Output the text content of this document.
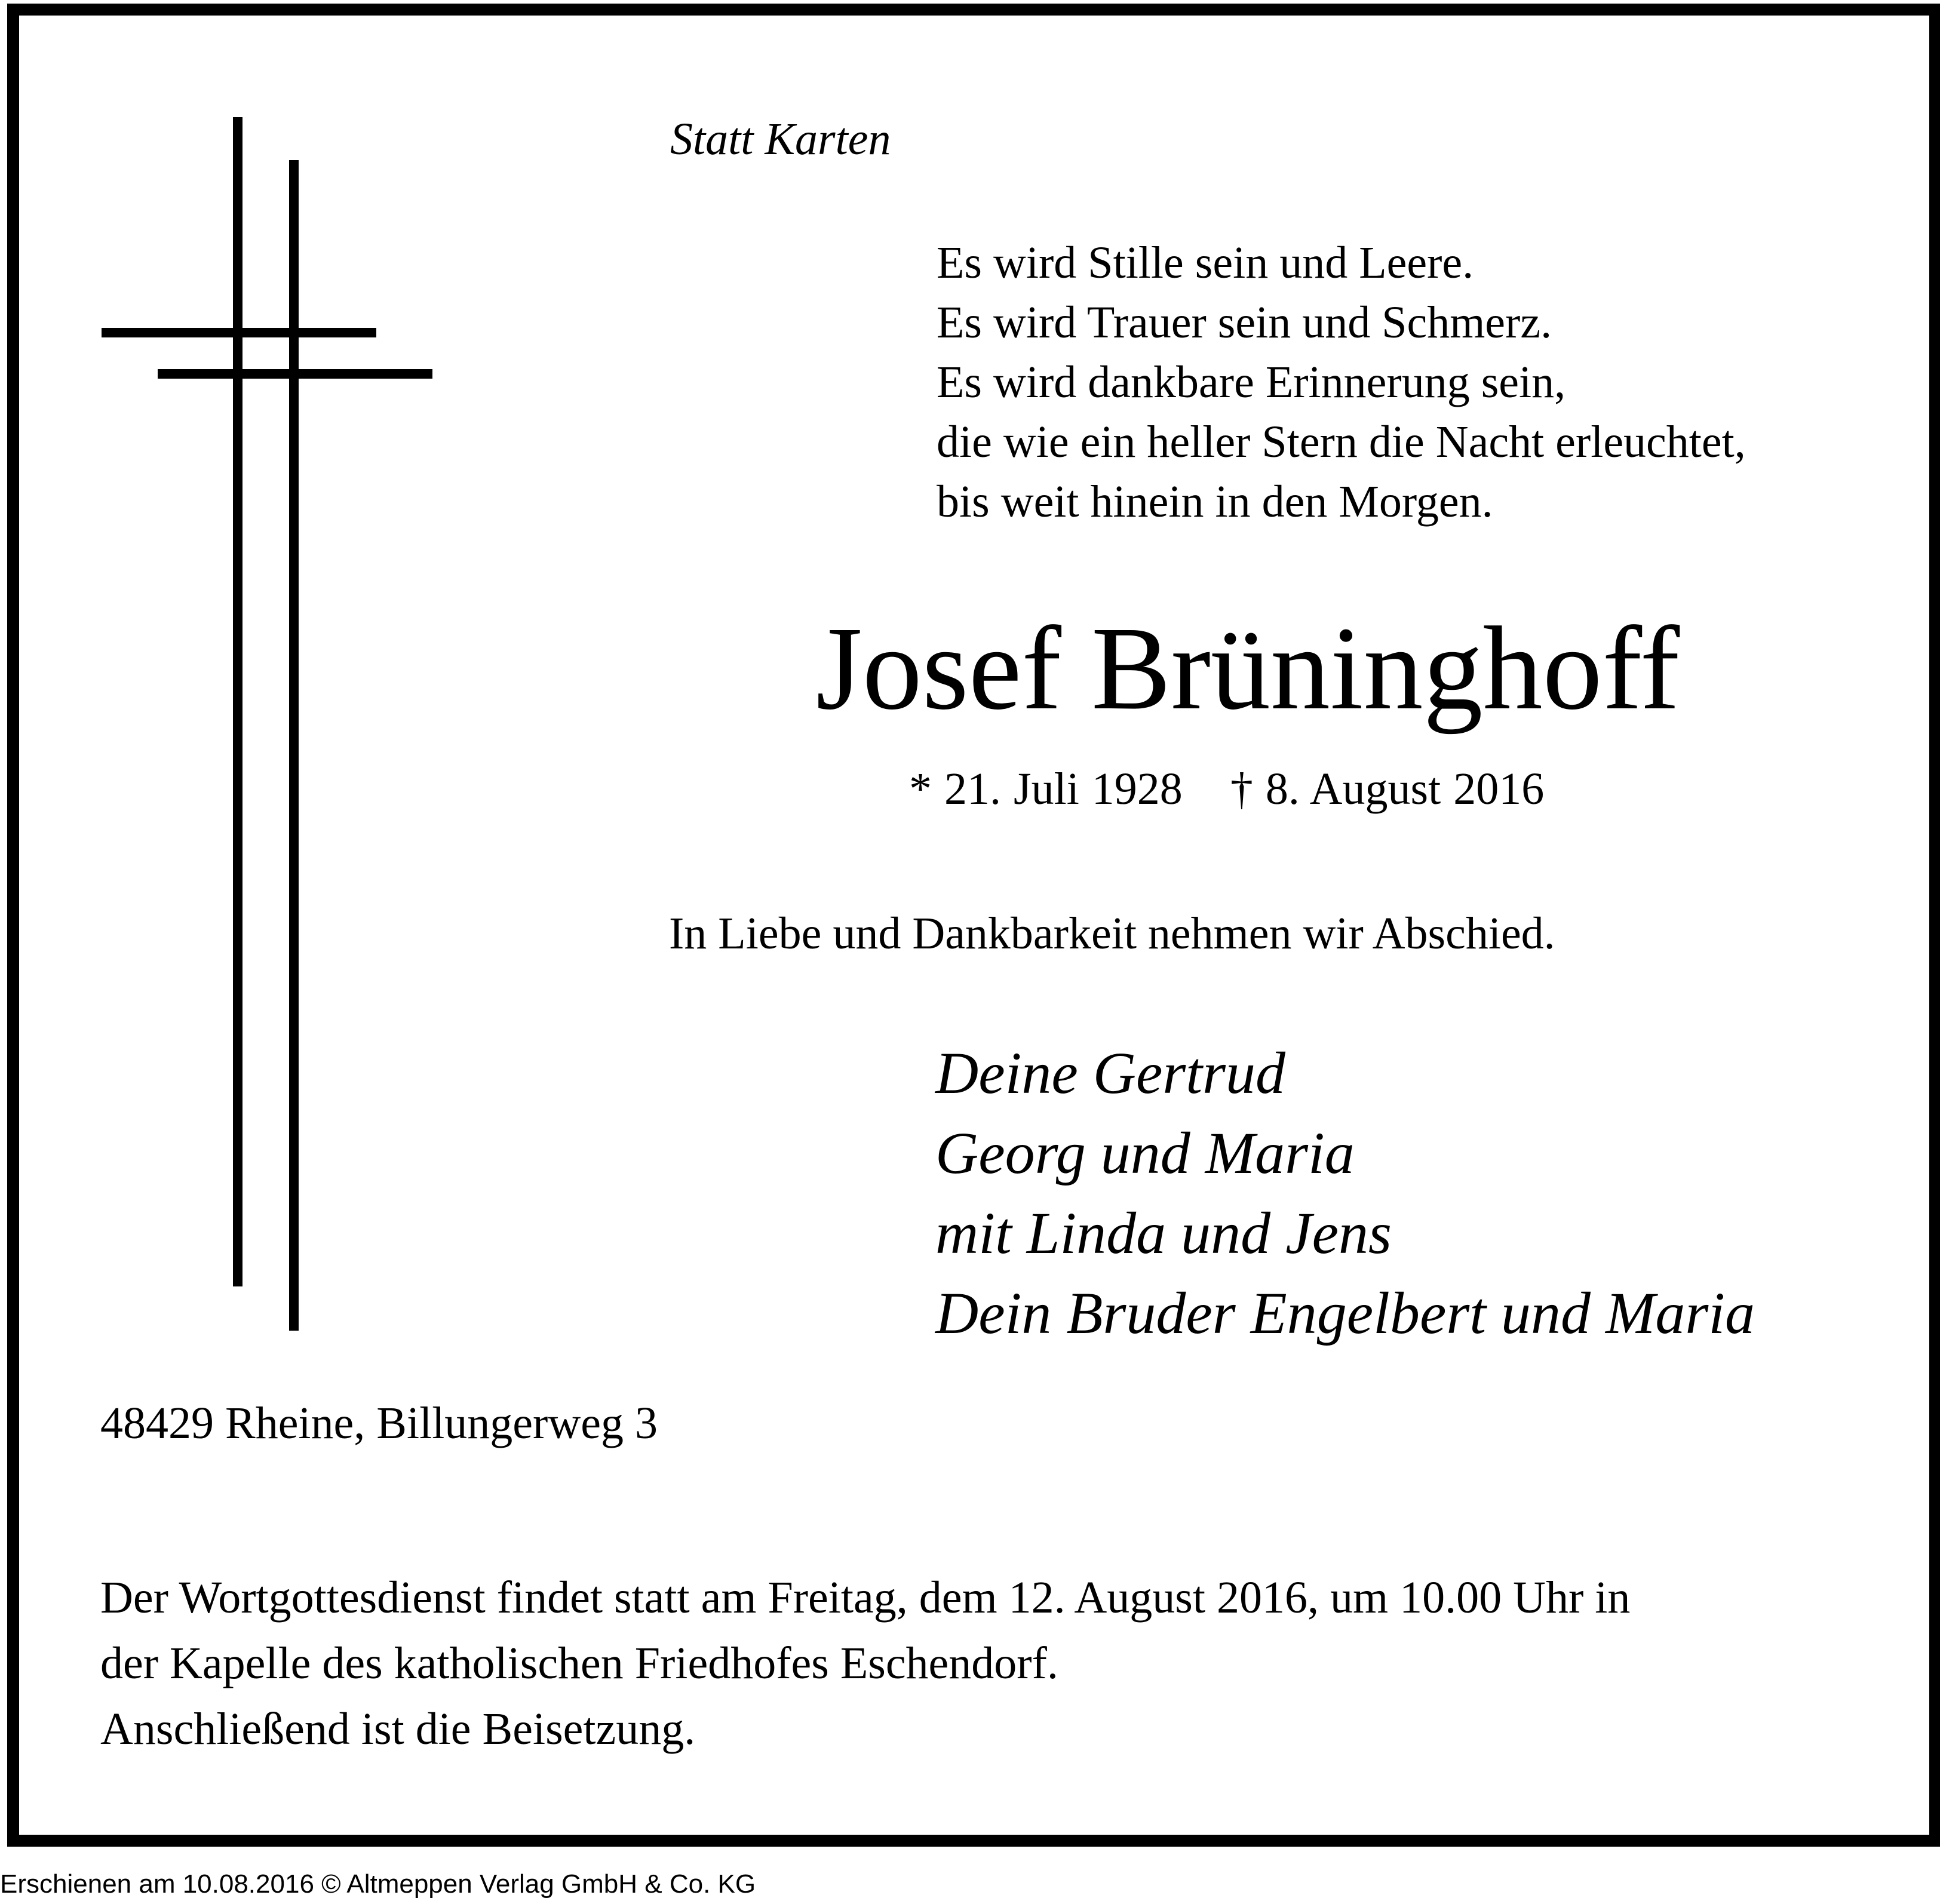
Statt Karten
Es wird Stille sein und Leere.
Es wird Trauer sein und Schmerz.
Es wird dankbare Erinnerung sein,
die wie ein heller Stern die Nacht erleuchtet,
bis weit hinein in den Morgen.
Josef Brüninghoff
* 21. Juli 1928 † 8. August 2016
In Liebe und Dankbarkeit nehmen wir Abschied.
Deine Gertrud
Georg und Maria
mit Linda und Jens
Dein Bruder Engelbert und Maria
48429 Rheine, Billungerweg 3
Der Wortgottesdienst findet statt am Freitag, dem 12. August 2016, um 10.00 Uhr in
der Kapelle des katholischen Friedhofes Eschendorf.
Anschließend ist die Beisetzung.
Erschienen am 10.08.2016 © Altmeppen Verlag GmbH & Co. KG
